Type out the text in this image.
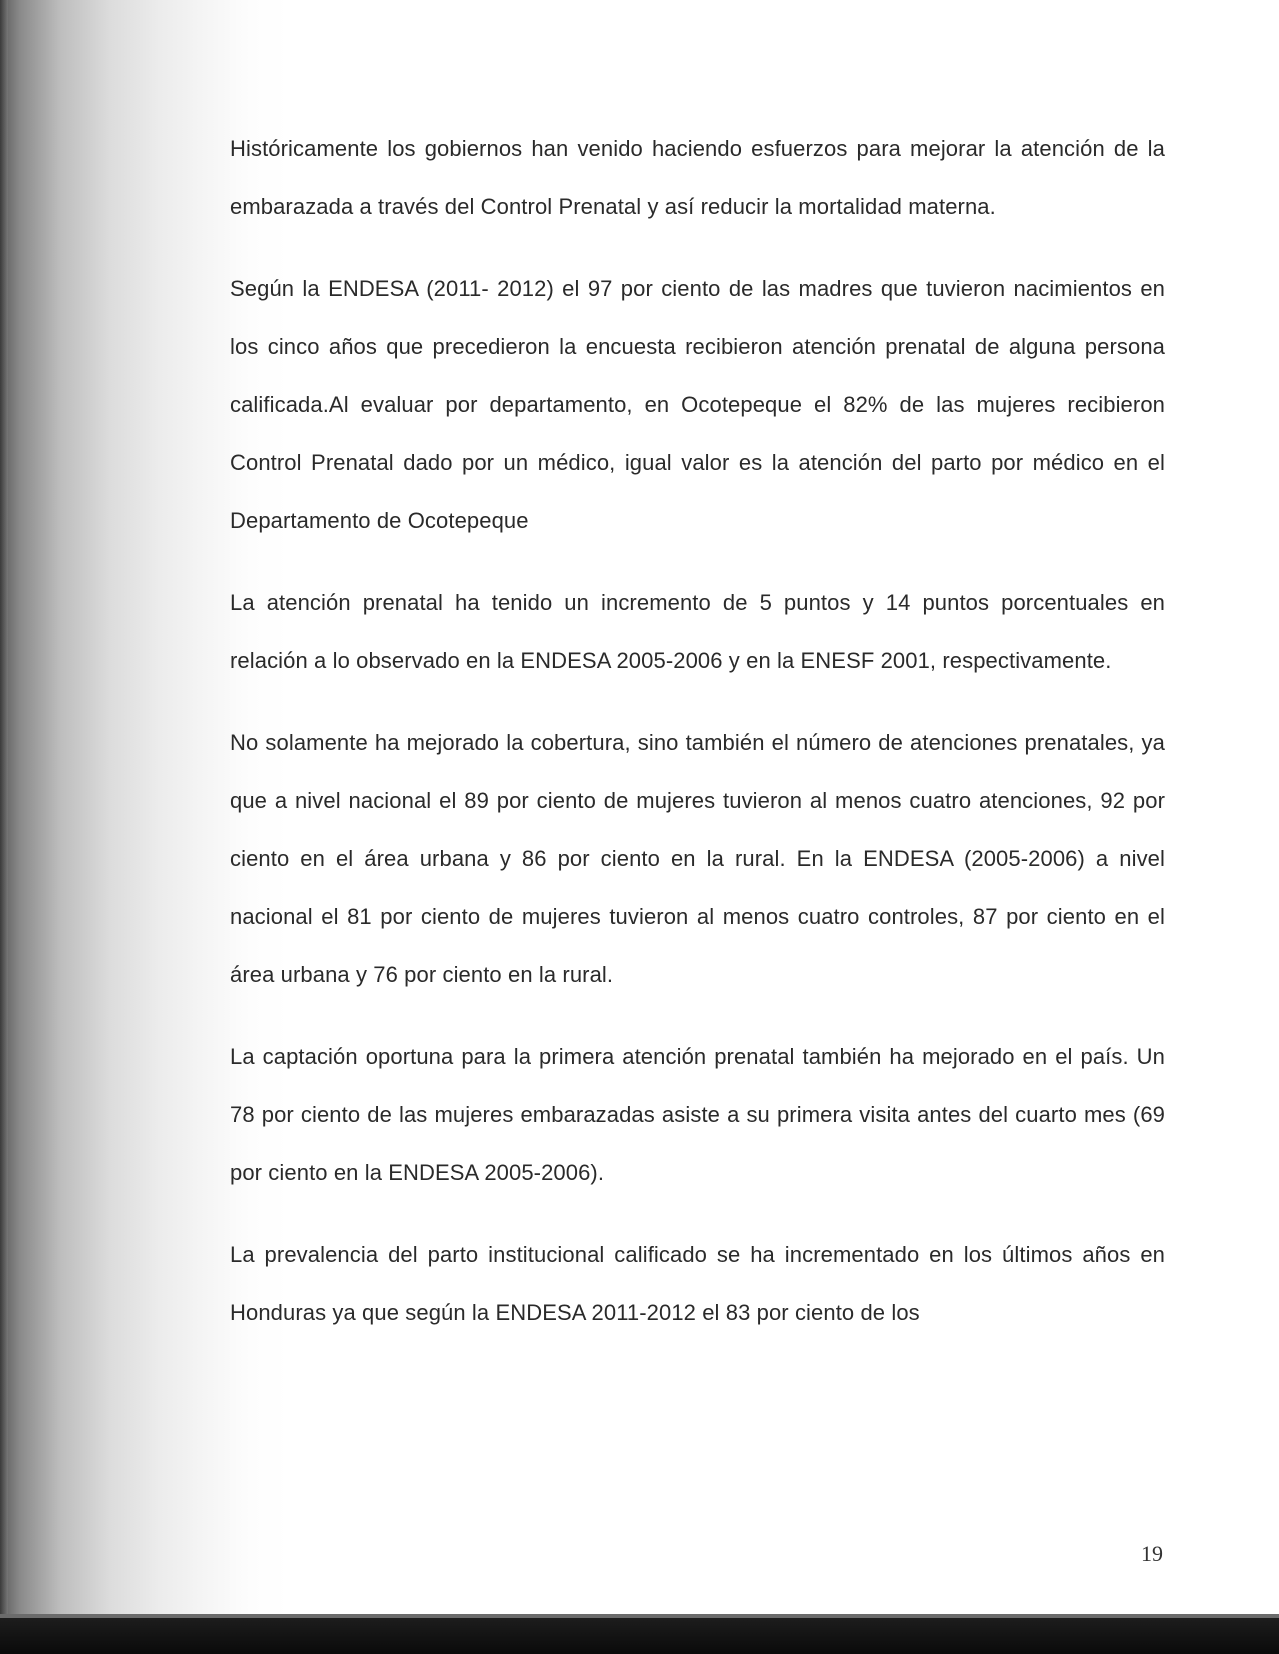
Históricamente los gobiernos han venido haciendo esfuerzos para mejorar la atención de la embarazada a través del Control Prenatal y así reducir la mortalidad materna.

Según la ENDESA (2011- 2012) el 97 por ciento de las madres que tuvieron nacimientos en los cinco años que precedieron la encuesta recibieron atención prenatal de alguna persona calificada.Al evaluar por departamento, en Ocotepeque el 82% de las mujeres recibieron Control Prenatal dado por un médico, igual valor es la atención del parto por médico en el Departamento de Ocotepeque

La atención prenatal ha tenido un incremento de 5 puntos y 14 puntos porcentuales en relación a lo observado en la ENDESA 2005-2006 y en la ENESF 2001, respectivamente.

No solamente ha mejorado la cobertura, sino también el número de atenciones prenatales, ya que a nivel nacional el 89 por ciento de mujeres tuvieron al menos cuatro atenciones, 92 por ciento en el área urbana y 86 por ciento en la rural. En la ENDESA (2005-2006) a nivel nacional el 81 por ciento de mujeres tuvieron al menos cuatro controles, 87 por ciento en el área urbana y 76 por ciento en la rural.

La captación oportuna para la primera atención prenatal también ha mejorado en el país. Un 78 por ciento de las mujeres embarazadas asiste a su primera visita antes del cuarto mes (69 por ciento en la ENDESA 2005-2006).

La prevalencia del parto institucional calificado se ha incrementado en los últimos años en Honduras ya que según la ENDESA 2011-2012 el 83 por ciento de los

19
